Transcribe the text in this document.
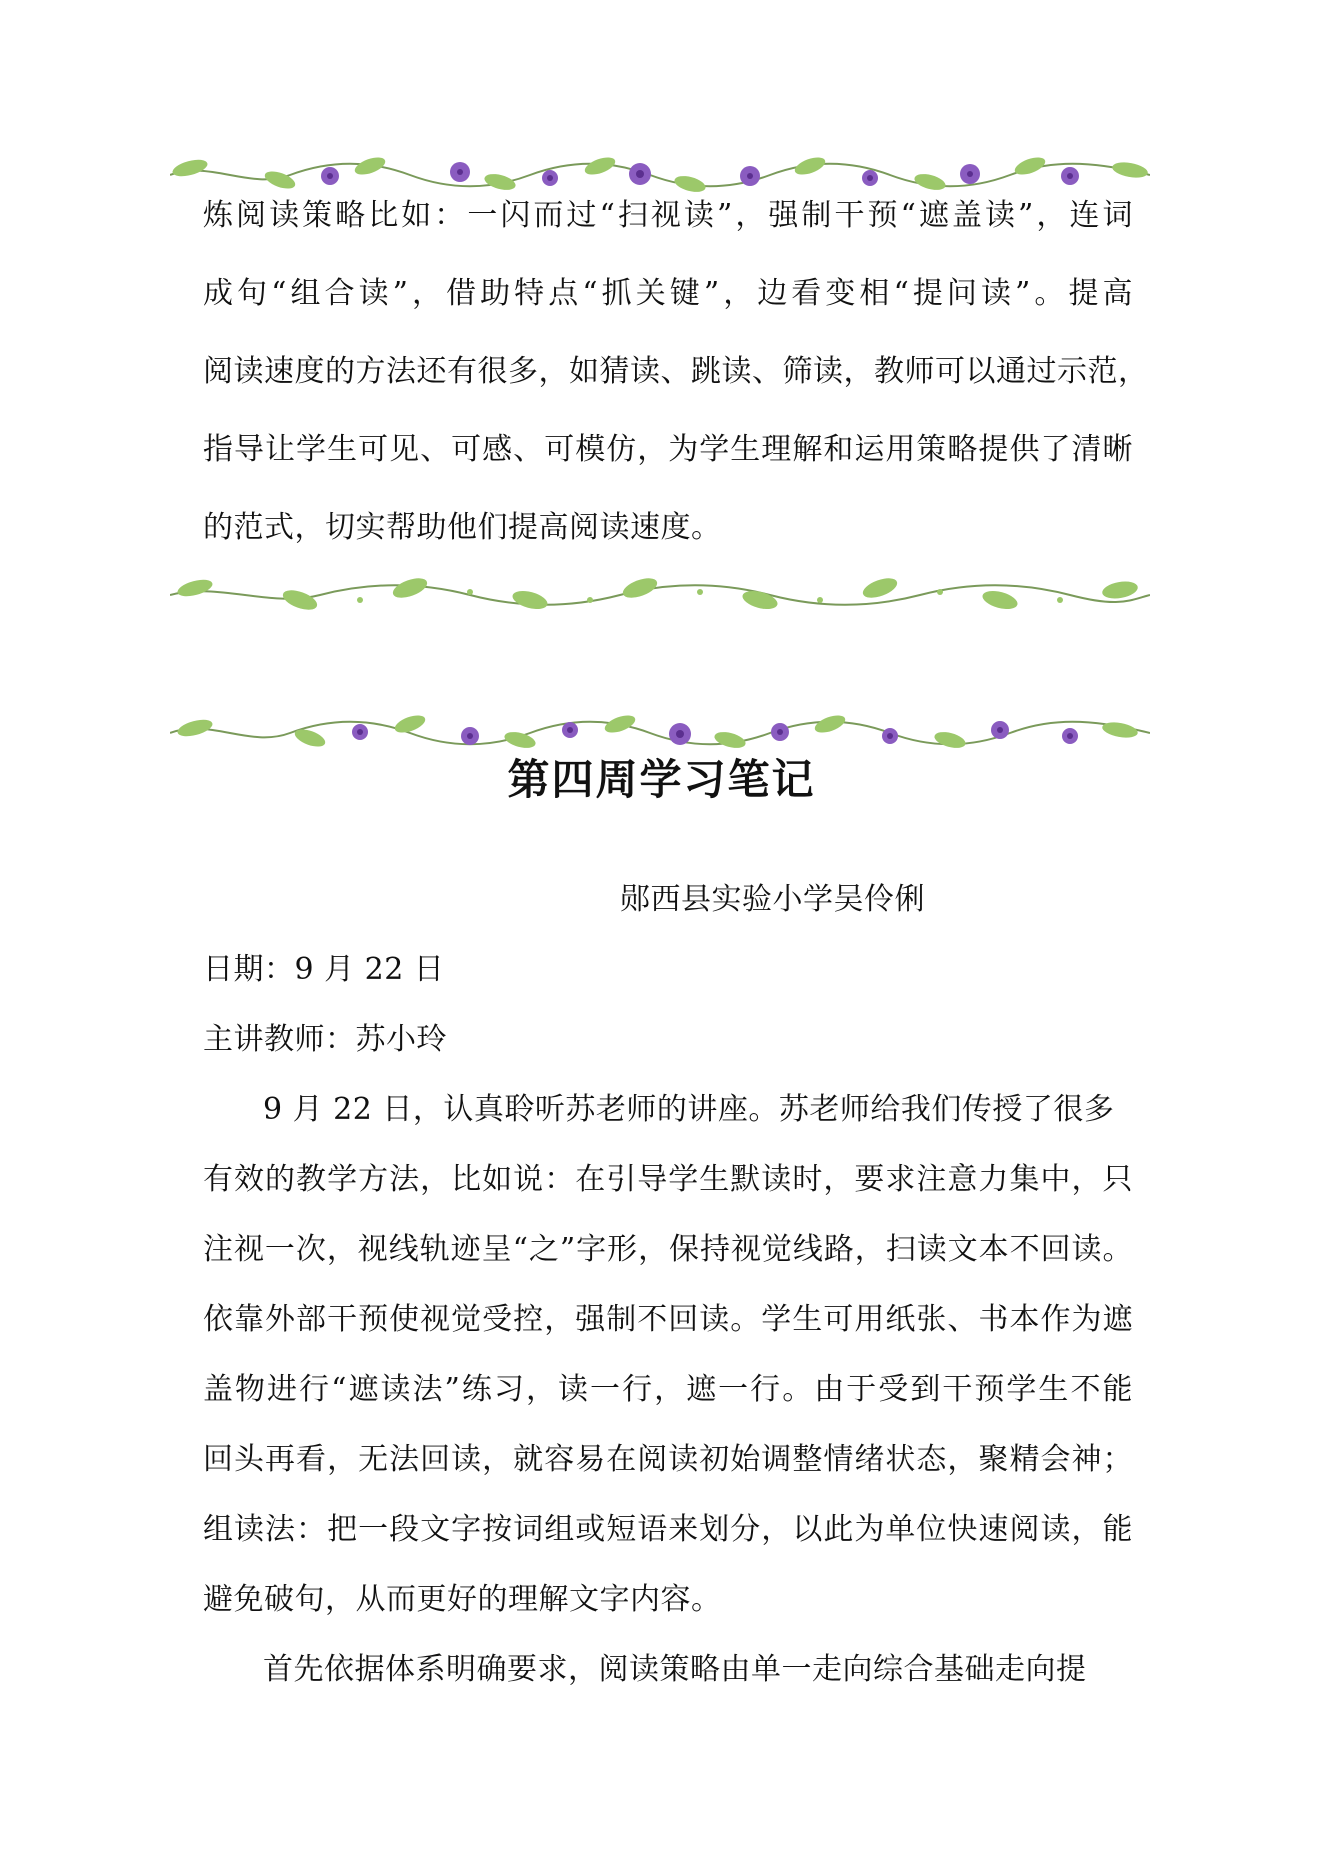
炼阅读策略比如：一闪而过“扫视读”，强制干预“遮盖读”，连词
成句“组合读”，借助特点“抓关键”，边看变相“提问读”。提高
阅读速度的方法还有很多，如猜读、跳读、筛读，教师可以通过示范，
指导让学生可见、可感、可模仿，为学生理解和运用策略提供了清晰
的范式，切实帮助他们提高阅读速度。
第四周学习笔记
郧西县实验小学吴伶俐
日期：9 月 22 日
主讲教师：苏小玲
9 月 22 日，认真聆听苏老师的讲座。苏老师给我们传授了很多
有效的教学方法，比如说：在引导学生默读时，要求注意力集中，只
注视一次，视线轨迹呈“之”字形，保持视觉线路，扫读文本不回读。
依靠外部干预使视觉受控，强制不回读。学生可用纸张、书本作为遮
盖物进行“遮读法”练习，读一行，遮一行。由于受到干预学生不能
回头再看，无法回读，就容易在阅读初始调整情绪状态，聚精会神；
组读法：把一段文字按词组或短语来划分，以此为单位快速阅读，能
避免破句，从而更好的理解文字内容。
首先依据体系明确要求，阅读策略由单一走向综合基础走向提
